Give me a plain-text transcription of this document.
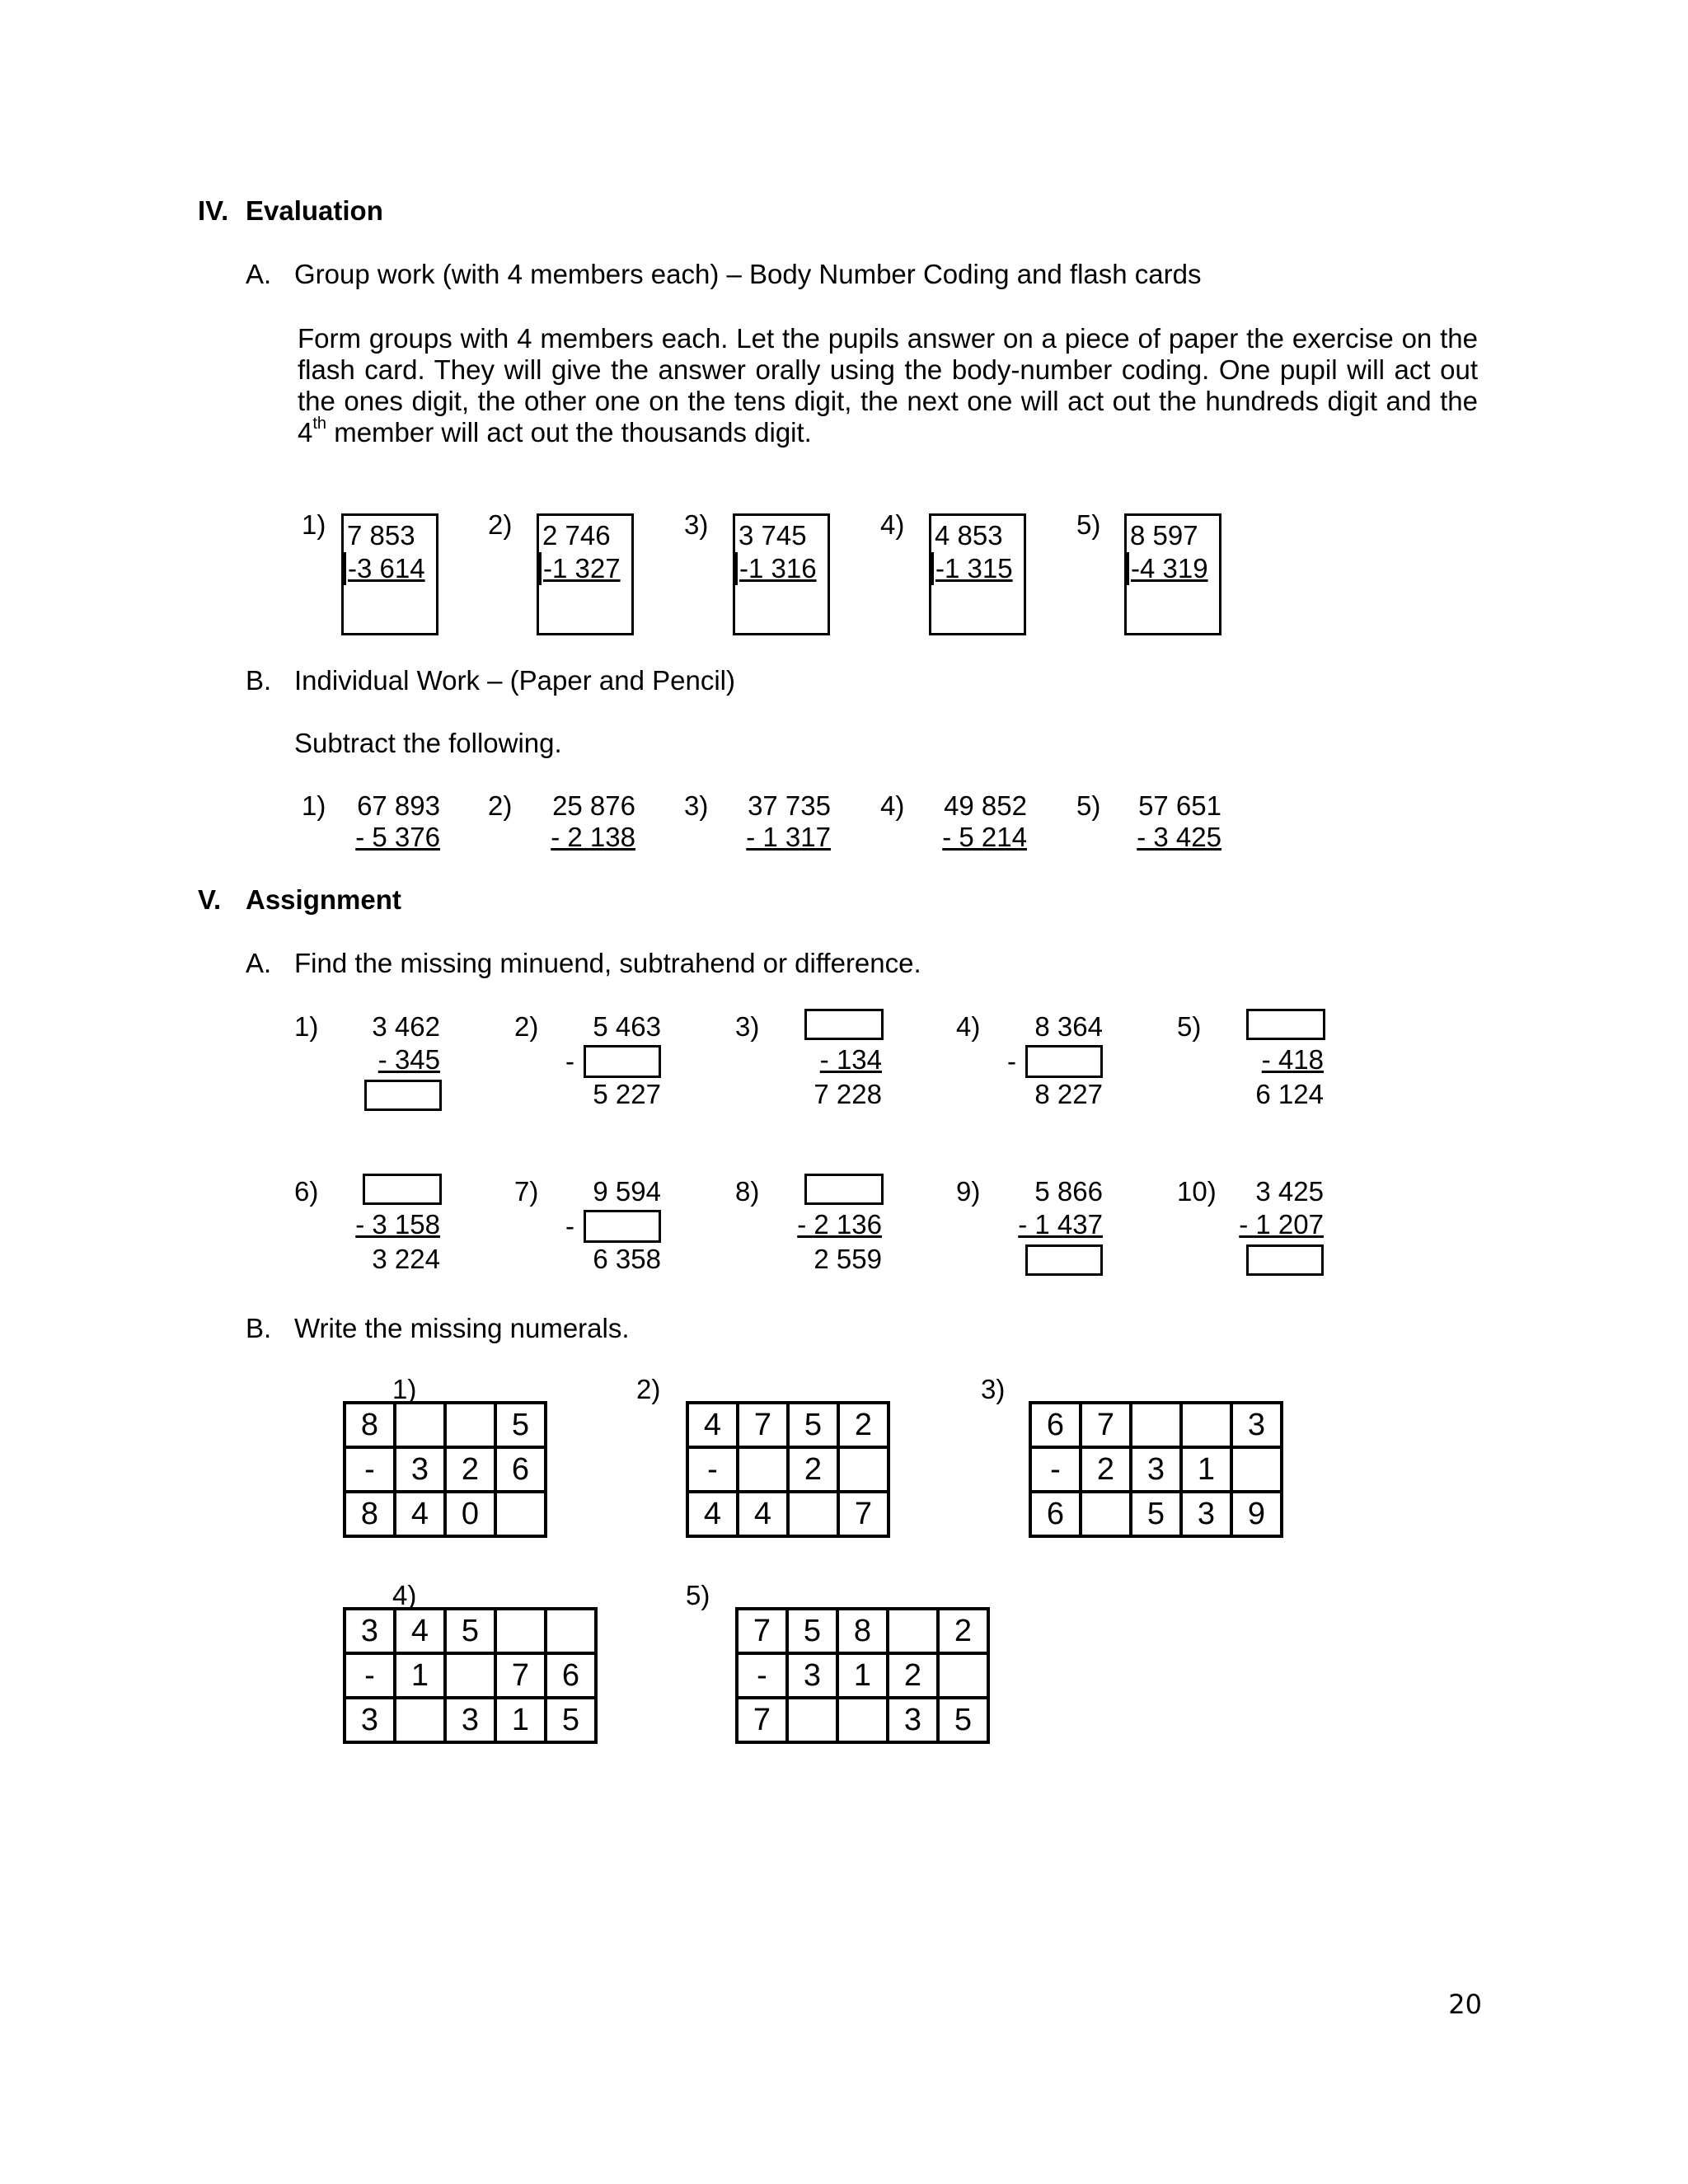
IV. Evaluation
A. Group work (with 4 members each) – Body Number Coding and flash cards
Form groups with 4 members each. Let the pupils answer on a piece of paper the exercise on the flash card. They will give the answer orally using the body-number coding. One pupil will act out the ones digit, the other one on the tens digit, the next one will act out the hundreds digit and the 4th member will act out the thousands digit.
1) 7 853
-3 614
2) 2 746
-1 327
3) 3 745
-1 316
4) 4 853
-1 315
5) 8 597
-4 319
B. Individual Work – (Paper and Pencil)
Subtract the following.
1)	67 893
- 5 376
2)	25 876
- 2 138
3)	37 735
- 1 317
4)	49 852
- 5 214
5)	57 651
- 3 425
V. Assignment
A. Find the missing minuend, subtrahend or difference.
1)	3 462
- 345
2)	5 463
-
5 227
3)
- 134
7 228
4)	8 364
-
8 227
5)
- 418
6 124
6)
- 3 158
3 224
7)	9 594
-
6 358
8)
- 2 136
2 559
9)	5 866
- 1 437
10)	3 425
- 1 207
B. Write the missing numerals.
1)	2)	3)
4)	5)
8			5
-	3	2	6
8	4	0	
4	7	5	2
-		2	
4	4		7
6	7			3
-	2	3	1	
6		5	3	9
3	4	5		
-	1		7	6
3		3	1	5
7	5	8		2
-	3	1	2	
7			3	5
20
